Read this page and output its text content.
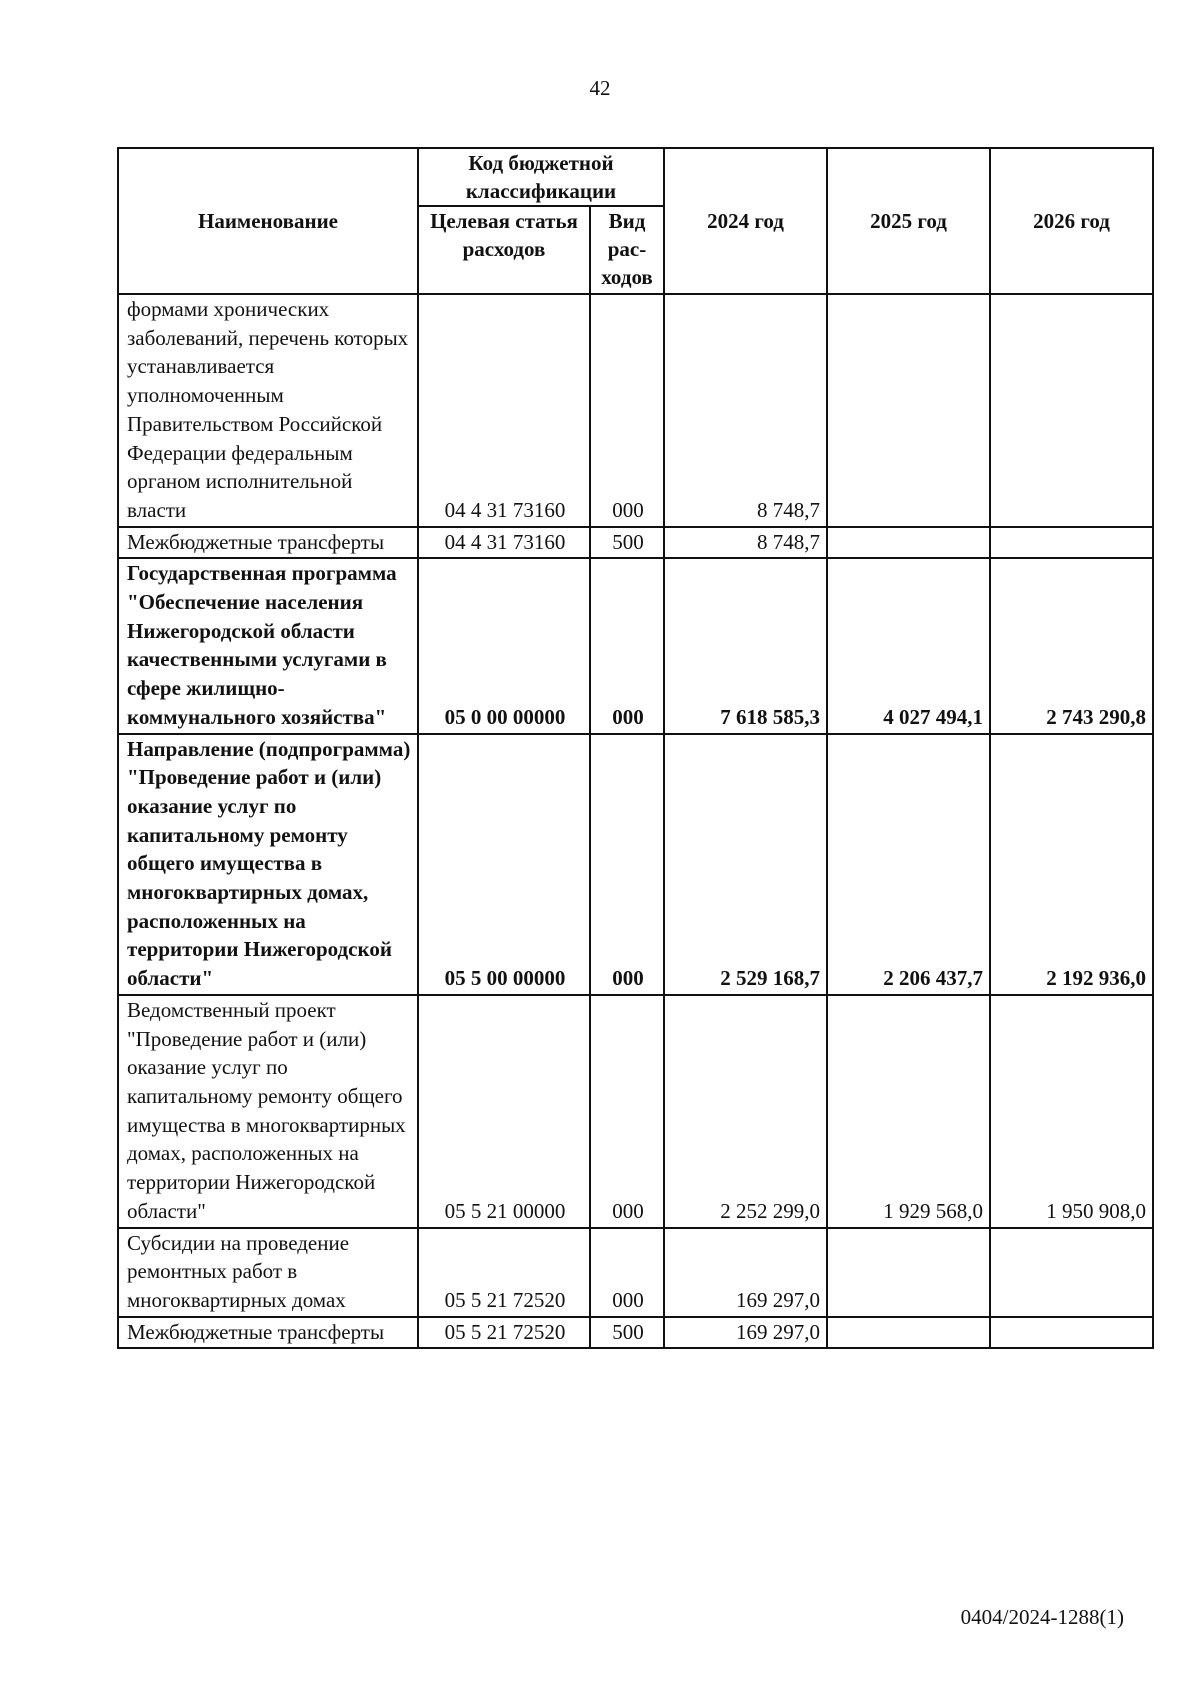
42
Наименование	Код бюджетной классификации		2024 год	2025 год	2026 год
	Целевая статья расходов	Вид рас-ходов			
формами хронических заболеваний, перечень которых устанавливается уполномоченным Правительством Российской Федерации федеральным органом исполнительной власти	04 4 31 73160	000	8 748,7		
Межбюджетные трансферты	04 4 31 73160	500	8 748,7		
Государственная программа "Обеспечение населения Нижегородской области качественными услугами в сфере жилищно-коммунального хозяйства"	05 0 00 00000	000	7 618 585,3	4 027 494,1	2 743 290,8
Направление (подпрограмма) "Проведение работ и (или) оказание услуг по капитальному ремонту общего имущества в многоквартирных домах, расположенных на территории Нижегородской области"	05 5 00 00000	000	2 529 168,7	2 206 437,7	2 192 936,0
Ведомственный проект "Проведение работ и (или) оказание услуг по капитальному ремонту общего имущества в многоквартирных домах, расположенных на территории Нижегородской области"	05 5 21 00000	000	2 252 299,0	1 929 568,0	1 950 908,0
Субсидии на проведение ремонтных работ в многоквартирных домах	05 5 21 72520	000	169 297,0		
Межбюджетные трансферты	05 5 21 72520	500	169 297,0		
0404/2024-1288(1)
